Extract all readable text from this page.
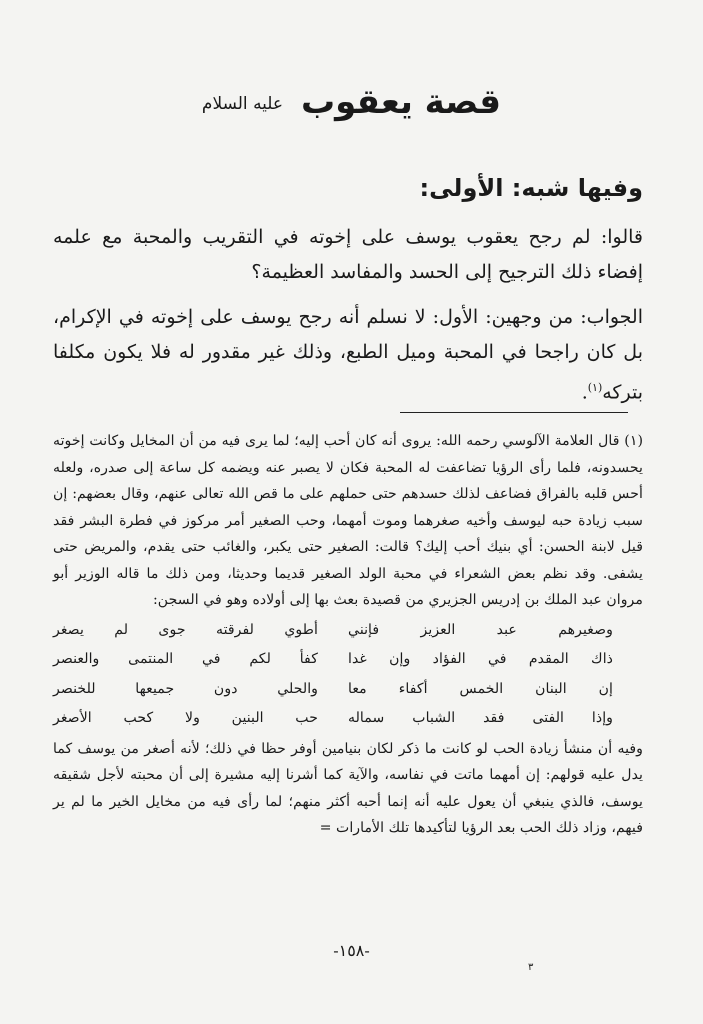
قصة يعقوب عليه السلام
وفيها شبه: الأولى:

قالوا: لم رجح يعقوب يوسف على إخوته في التقريب والمحبة مع علمه إفضاء ذلك الترجيح إلى الحسد والمفاسد العظيمة؟

الجواب: من وجهين: الأول: لا نسلم أنه رجح يوسف على إخوته في الإكرام، بل كان راجحا في المحبة وميل الطبع، وذلك غير مقدور له فلا يكون مكلفا بتركه$^{(١)}$.

(١) قال العلامة الآلوسي رحمه الله: يروى أنه كان أحب إليه؛ لما يرى فيه من أن المخايل وكانت إخوته يحسدونه، فلما رأى الرؤيا تضاعفت له المحبة فكان لا يصبر عنه ويضمه كل ساعة إلى صدره، ولعله أحس قلبه بالفراق فضاعف لذلك حسدهم حتى حملهم على ما قص الله تعالى عنهم، وقال بعضهم: إن سبب زيادة حبه ليوسف وأخيه صغرهما وموت أمهما، وحب الصغير أمر مركوز في فطرة البشر فقد قيل لابنة الحسن: أي بنيك أحب إليك؟ قالت: الصغير حتى يكبر، والغائب حتى يقدم، والمريض حتى يشفى. وقد نظم بعض الشعراء في محبة الولد الصغير قديما وحديثا، ومن ذلك ما قاله الوزير أبو مروان عبد الملك بن إدريس الجزيري من قصيدة بعث بها إلى أولاده وهو في السجن:

وصغيرهم عبد العزيز فإنني
أطوي لفرقته جوى لم يصغر
ذاك المقدم في الفؤاد وإن غدا
كفأ لكم في المنتمى والعنصر
إن البنان الخمس أكفاء معا
والحلي دون جميعها للخنصر
وإذا الفتى فقد الشباب سماله
حب البنين ولا كحب الأصغر

وفيه أن منشأ زيادة الحب لو كانت ما ذكر لكان بنيامين أوفر حظا في ذلك؛ لأنه أصغر من يوسف كما يدل عليه قولهم: إن أمهما ماتت في نفاسه، والآية كما أشرنا إليه مشيرة إلى أن محبته لأجل شقيقه يوسف، فالذي ينبغي أن يعول عليه أنه إنما أحبه أكثر منهم؛ لما رأى فيه من مخايل الخير ما لم ير فيهم، وزاد ذلك الحب بعد الرؤيا لتأكيدها تلك الأمارات =

-١٥٨-
٣
